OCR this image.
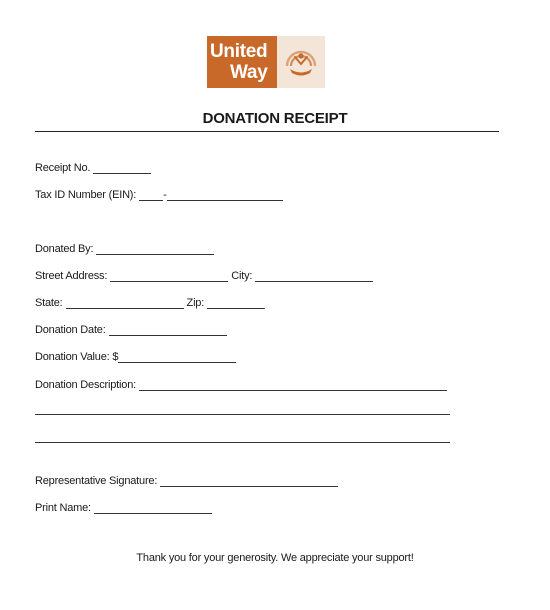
United
Way
DONATION RECEIPT
Receipt No.
Tax ID Number (EIN): -
Donated By:
Street Address:	City:
State:	Zip:
Donation Date:
Donation Value: $
Donation Description:
Representative Signature:
Print Name:
Thank you for your generosity. We appreciate your support!
